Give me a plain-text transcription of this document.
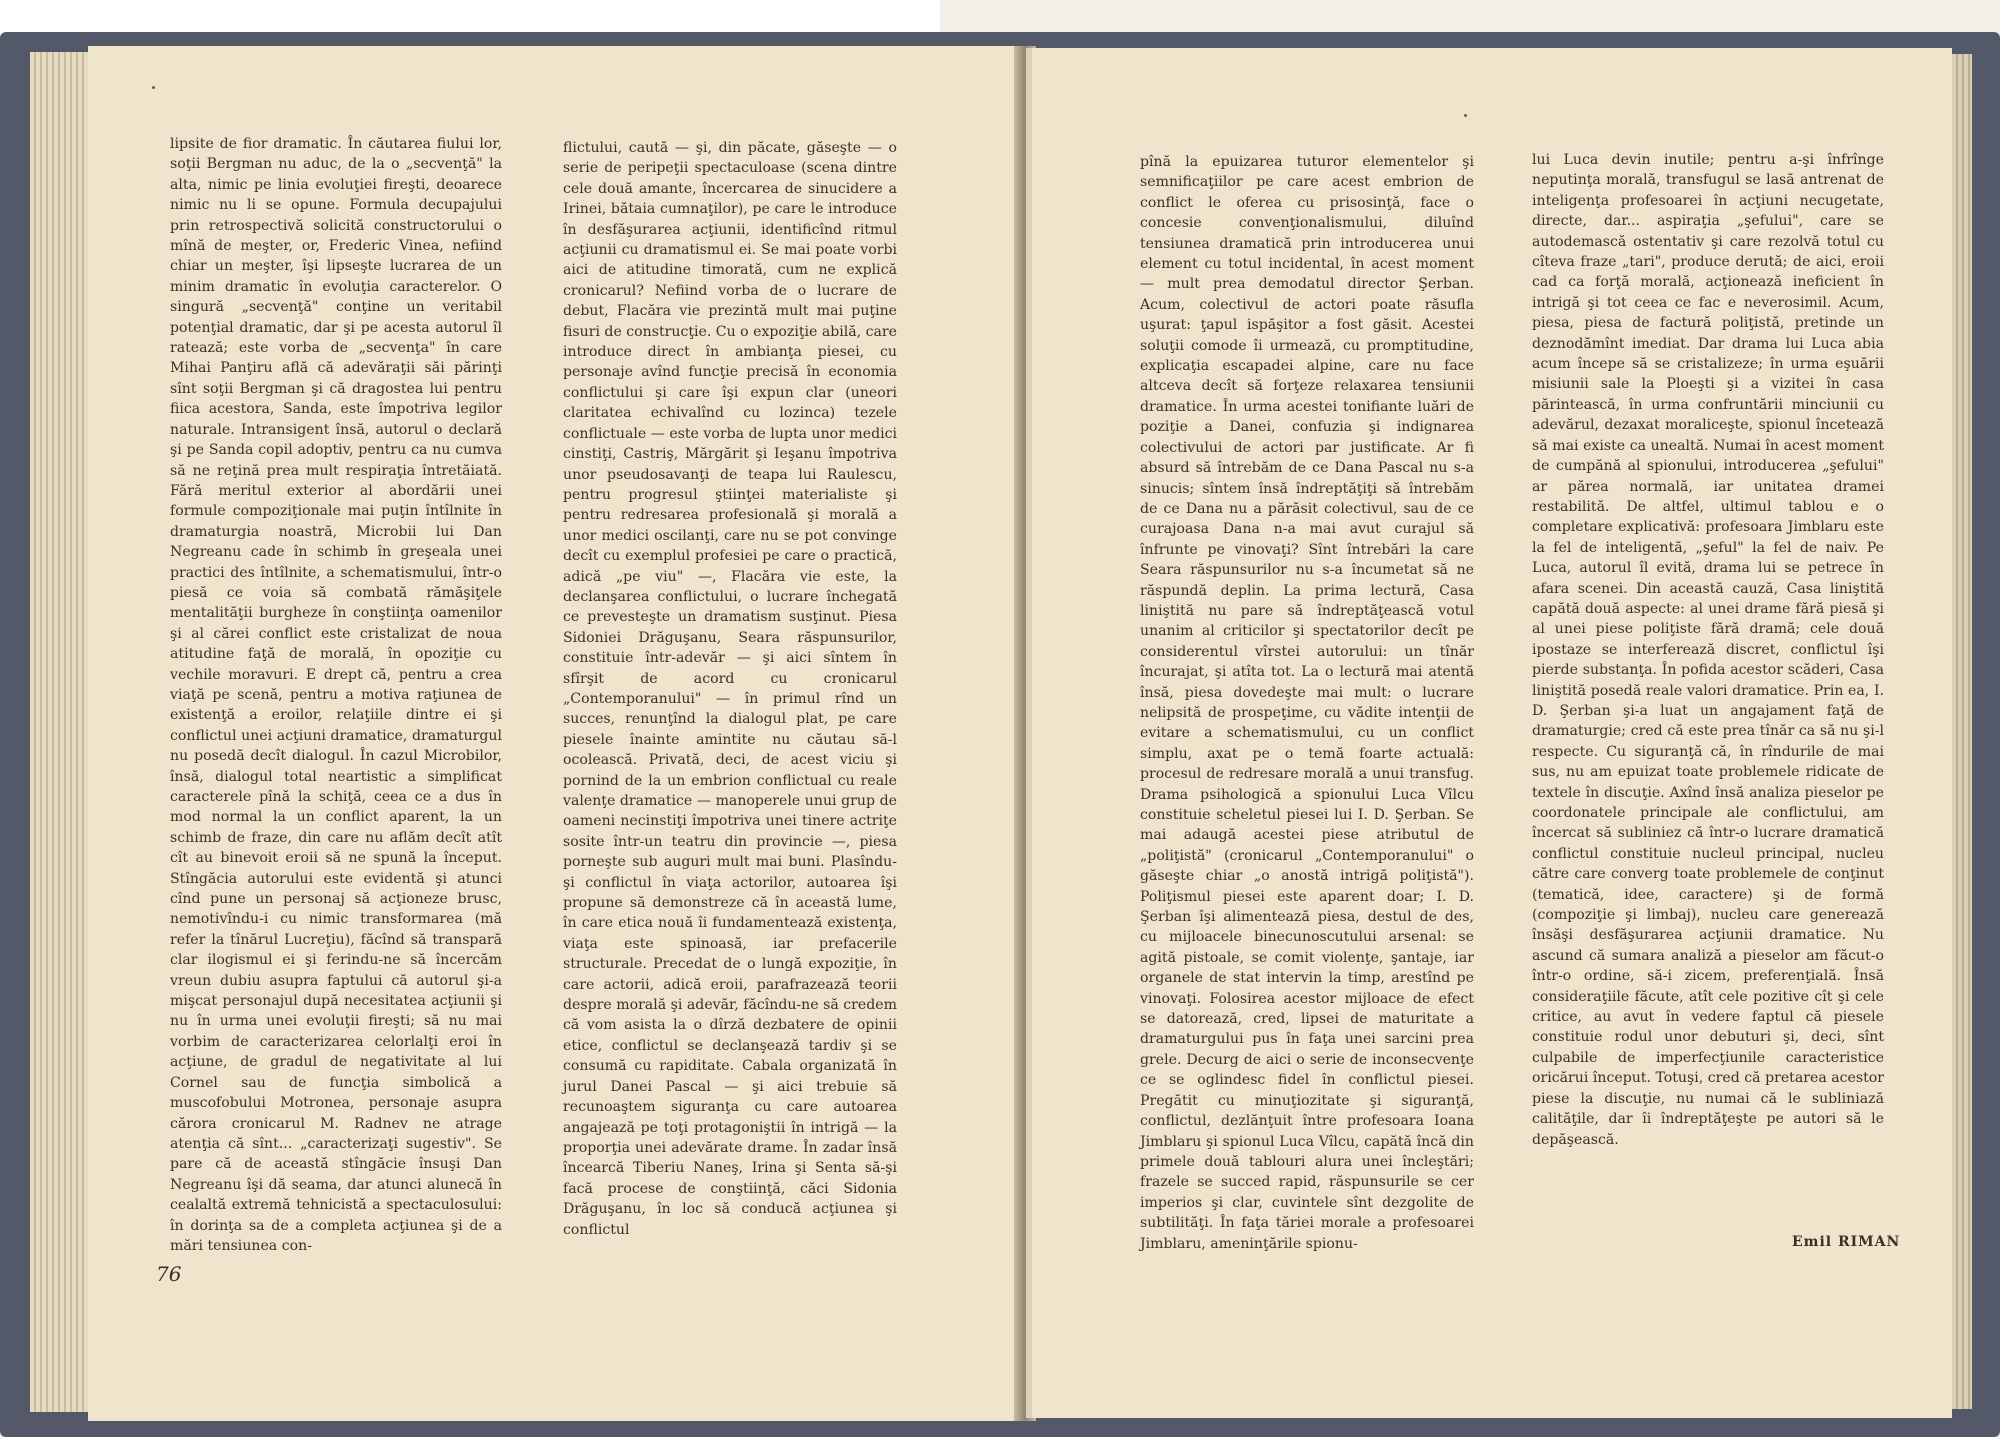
lipsite de fior dramatic. În căutarea fiului lor, soţii Bergman nu aduc, de la o „secvenţă" la alta, nimic pe linia evoluţiei fireşti, deoarece nimic nu li se opune. Formula decupajului prin retrospectivă solicită constructorului o mînă de meşter, or, Frederic Vinea, nefiind chiar un meşter, îşi lipseşte lucrarea de un minim dramatic în evoluţia caracterelor. O singură „secvenţă" conţine un veritabil potenţial dramatic, dar şi pe acesta autorul îl ratează; este vorba de „secvenţa" în care Mihai Panţiru află că adevăraţii săi părinţi sînt soţii Bergman şi că dragostea lui pentru fiica acestora, Sanda, este împotriva legilor naturale. Intransigent însă, autorul o declară şi pe Sanda copil adoptiv, pentru ca nu cumva să ne reţină prea mult respiraţia întretăiată. Fără meritul exterior al abordării unei formule compoziţionale mai puţin întîlnite în dramaturgia noastră, Microbii lui Dan Negreanu cade în schimb în greşeala unei practici des întîlnite, a schematismului, într-o piesă ce voia să combată rămăşiţele mentalităţii burgheze în conştiinţa oamenilor şi al cărei conflict este cristalizat de noua atitudine faţă de morală, în opoziţie cu vechile moravuri. E drept că, pentru a crea viaţă pe scenă, pentru a motiva raţiunea de existenţă a eroilor, relaţiile dintre ei şi conflictul unei acţiuni dramatice, dramaturgul nu posedă decît dialogul. În cazul Microbilor, însă, dialogul total neartistic a simplificat caracterele pînă la schiţă, ceea ce a dus în mod normal la un conflict aparent, la un schimb de fraze, din care nu aflăm decît atît cît au binevoit eroii să ne spună la început. Stîngăcia autorului este evidentă şi atunci cînd pune un personaj să acţioneze brusc, nemotivîndu-i cu nimic transformarea (mă refer la tînărul Lucreţiu), făcînd să transpară clar ilogismul ei şi ferindu-ne să încercăm vreun dubiu asupra faptului că autorul şi-a mişcat personajul după necesitatea acţiunii şi nu în urma unei evoluţii fireşti; să nu mai vorbim de caracterizarea celorlalţi eroi în acţiune, de gradul de negativitate al lui Cornel sau de funcţia simbolică a muscofobului Motronea, personaje asupra cărora cronicarul M. Radnev ne atrage atenţia că sînt... „caracterizaţi sugestiv". Se pare că de această stîngăcie însuşi Dan Negreanu îşi dă seama, dar atunci alunecă în cealaltă extremă tehnicistă a spectaculosului: în dorinţa sa de a completa acţiunea şi de a mări tensiunea con-

flictului, caută — şi, din păcate, găseşte — o serie de peripeţii spectaculoase (scena dintre cele două amante, încercarea de sinucidere a Irinei, bătaia cumnaţilor), pe care le introduce în desfăşurarea acţiunii, identificînd ritmul acţiunii cu dramatismul ei. Se mai poate vorbi aici de atitudine timorată, cum ne explică cronicarul? Nefiind vorba de o lucrare de debut, Flacăra vie prezintă mult mai puţine fisuri de construcţie. Cu o expoziţie abilă, care introduce direct în ambianţa piesei, cu personaje avînd funcţie precisă în economia conflictului şi care îşi expun clar (uneori claritatea echivalînd cu lozinca) tezele conflictuale — este vorba de lupta unor medici cinstiţi, Castriş, Mărgărit şi Ieşanu împotriva unor pseudosavanţi de teapa lui Raulescu, pentru progresul ştiinţei materialiste şi pentru redresarea profesională şi morală a unor medici oscilanţi, care nu se pot convinge decît cu exemplul profesiei pe care o practică, adică „pe viu" —, Flacăra vie este, la declanşarea conflictului, o lucrare închegată ce prevesteşte un dramatism susţinut. Piesa Sidoniei Drăguşanu, Seara răspunsurilor, constituie într-adevăr — şi aici sîntem în sfîrşit de acord cu cronicarul „Contemporanului" — în primul rînd un succes, renunţînd la dialogul plat, pe care piesele înainte amintite nu căutau să-l ocolească. Privată, deci, de acest viciu şi pornind de la un embrion conflictual cu reale valenţe dramatice — manoperele unui grup de oameni necinstiţi împotriva unei tinere actriţe sosite într-un teatru din provincie —, piesa porneşte sub auguri mult mai buni. Plasîndu-şi conflictul în viaţa actorilor, autoarea îşi propune să demonstreze că în această lume, în care etica nouă îi fundamentează existenţa, viaţa este spinoasă, iar prefacerile structurale. Precedat de o lungă expoziţie, în care actorii, adică eroii, parafrazează teorii despre morală şi adevăr, făcîndu-ne să credem că vom asista la o dîrză dezbatere de opinii etice, conflictul se declanşează tardiv şi se consumă cu rapiditate. Cabala organizată în jurul Danei Pascal — şi aici trebuie să recunoaştem siguranţa cu care autoarea angajează pe toţi protagoniştii în intrigă — la proporţia unei adevărate drame. În zadar însă încearcă Tiberiu Naneş, Irina şi Senta să-şi facă procese de conştiinţă, căci Sidonia Drăguşanu, în loc să conducă acţiunea şi conflictul

76

pînă la epuizarea tuturor elementelor şi semnificaţiilor pe care acest embrion de conflict le oferea cu prisosinţă, face o concesie convenţionalismului, diluînd tensiunea dramatică prin introducerea unui element cu totul incidental, în acest moment — mult prea demodatul director Şerban. Acum, colectivul de actori poate răsufla uşurat: ţapul ispăşitor a fost găsit. Acestei soluţii comode îi urmează, cu promptitudine, explicaţia escapadei alpine, care nu face altceva decît să forţeze relaxarea tensiunii dramatice. În urma acestei tonifiante luări de poziţie a Danei, confuzia şi indignarea colectivului de actori par justificate. Ar fi absurd să întrebăm de ce Dana Pascal nu s-a sinucis; sîntem însă îndreptăţiţi să întrebăm de ce Dana nu a părăsit colectivul, sau de ce curajoasa Dana n-a mai avut curajul să înfrunte pe vinovaţi? Sînt întrebări la care Seara răspunsurilor nu s-a încumetat să ne răspundă deplin. La prima lectură, Casa liniştită nu pare să îndreptăţească votul unanim al criticilor şi spectatorilor decît pe considerentul vîrstei autorului: un tînăr încurajat, şi atîta tot. La o lectură mai atentă însă, piesa dovedeşte mai mult: o lucrare nelipsită de prospeţime, cu vădite intenţii de evitare a schematismului, cu un conflict simplu, axat pe o temă foarte actuală: procesul de redresare morală a unui transfug. Drama psihologică a spionului Luca Vîlcu constituie scheletul piesei lui I. D. Şerban. Se mai adaugă acestei piese atributul de „poliţistă" (cronicarul „Contemporanului" o găseşte chiar „o anostă intrigă poliţistă"). Poliţismul piesei este aparent doar; I. D. Şerban îşi alimentează piesa, destul de des, cu mijloacele binecunoscutului arsenal: se agită pistoale, se comit violenţe, şantaje, iar organele de stat intervin la timp, arestînd pe vinovaţi. Folosirea acestor mijloace de efect se datorează, cred, lipsei de maturitate a dramaturgului pus în faţa unei sarcini prea grele. Decurg de aici o serie de inconsecvenţe ce se oglindesc fidel în conflictul piesei. Pregătit cu minuţiozitate şi siguranţă, conflictul, dezlănţuit între profesoara Ioana Jimblaru şi spionul Luca Vîlcu, capătă încă din primele două tablouri alura unei încleştări; frazele se succed rapid, răspunsurile se cer imperios şi clar, cuvintele sînt dezgolite de subtilităţi. În faţa tăriei morale a profesoarei Jimblaru, ameninţările spionu-

lui Luca devin inutile; pentru a-şi înfrînge neputinţa morală, transfugul se lasă antrenat de inteligenţa profesoarei în acţiuni necugetate, directe, dar... aspiraţia „şefului", care se autodemască ostentativ şi care rezolvă totul cu cîteva fraze „tari", produce derută; de aici, eroii cad ca forţă morală, acţionează ineficient în intrigă şi tot ceea ce fac e neverosimil. Acum, piesa, piesa de factură poliţistă, pretinde un deznodămînt imediat. Dar drama lui Luca abia acum începe să se cristalizeze; în urma eşuării misiunii sale la Ploeşti şi a vizitei în casa părintească, în urma confruntării minciunii cu adevărul, dezaxat moraliceşte, spionul încetează să mai existe ca unealtă. Numai în acest moment de cumpănă al spionului, introducerea „şefului" ar părea normală, iar unitatea dramei restabilită. De altfel, ultimul tablou e o completare explicativă: profesoara Jimblaru este la fel de inteligentă, „şeful" la fel de naiv. Pe Luca, autorul îl evită, drama lui se petrece în afara scenei. Din această cauză, Casa liniştită capătă două aspecte: al unei drame fără piesă şi al unei piese poliţiste fără dramă; cele două ipostaze se interferează discret, conflictul îşi pierde substanţa. În pofida acestor scăderi, Casa liniştită posedă reale valori dramatice. Prin ea, I. D. Şerban şi-a luat un angajament faţă de dramaturgie; cred că este prea tînăr ca să nu şi-l respecte. Cu siguranţă că, în rîndurile de mai sus, nu am epuizat toate problemele ridicate de textele în discuţie. Axînd însă analiza pieselor pe coordonatele principale ale conflictului, am încercat să subliniez că într-o lucrare dramatică conflictul constituie nucleul principal, nucleu către care converg toate problemele de conţinut (tematică, idee, caractere) şi de formă (compoziţie şi limbaj), nucleu care generează însăşi desfăşurarea acţiunii dramatice. Nu ascund că sumara analiză a pieselor am făcut-o într-o ordine, să-i zicem, preferenţială. Însă consideraţiile făcute, atît cele pozitive cît şi cele critice, au avut în vedere faptul că piesele constituie rodul unor debuturi şi, deci, sînt culpabile de imperfecţiunile caracteristice oricărui început. Totuşi, cred că pretarea acestor piese la discuţie, nu numai că le subliniază calităţile, dar îi îndreptăţeşte pe autori să le depăşească.

Emil RIMAN
